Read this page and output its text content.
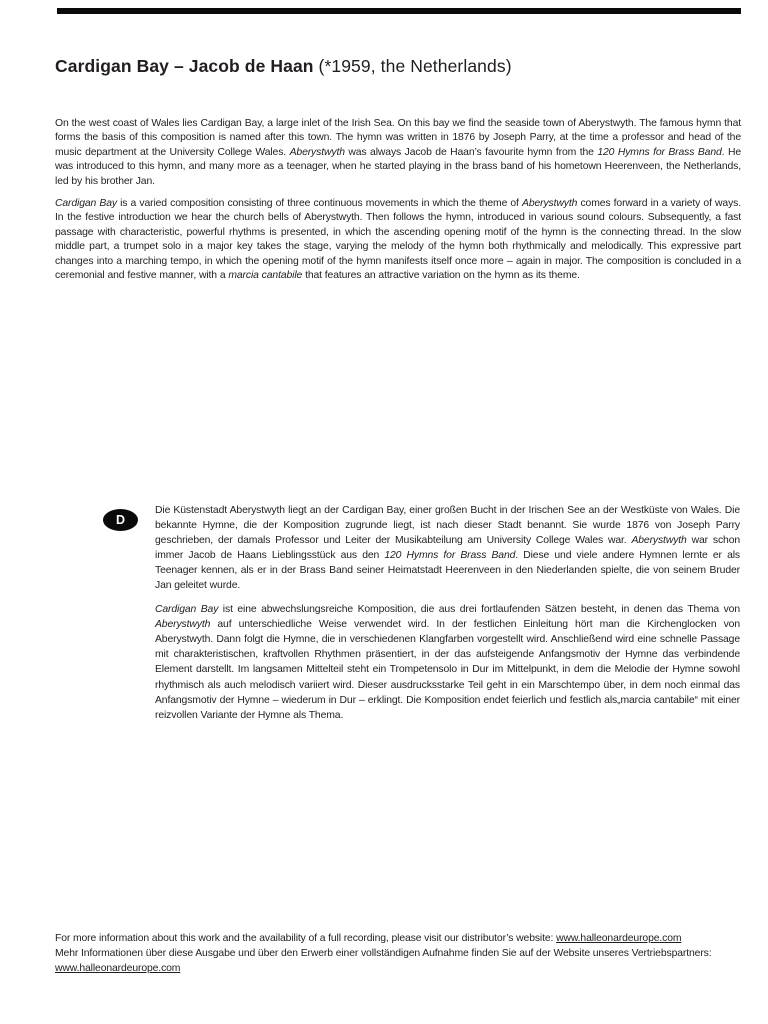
Cardigan Bay – Jacob de Haan (*1959, the Netherlands)

On the west coast of Wales lies Cardigan Bay, a large inlet of the Irish Sea. On this bay we find the seaside town of Aberystwyth. The famous hymn that forms the basis of this composition is named after this town. The hymn was written in 1876 by Joseph Parry, at the time a professor and head of the music department at the University College Wales. Aberystwyth was always Jacob de Haan’s favourite hymn from the 120 Hymns for Brass Band. He was introduced to this hymn, and many more as a teenager, when he started playing in the brass band of his hometown Heerenveen, the Netherlands, led by his brother Jan.

Cardigan Bay is a varied composition consisting of three continuous movements in which the theme of Aberystwyth comes forward in a variety of ways. In the festive introduction we hear the church bells of Aberystwyth. Then follows the hymn, introduced in various sound colours. Subsequently, a fast passage with characteristic, powerful rhythms is presented, in which the ascending opening motif of the hymn is the connecting thread. In the slow middle part, a trumpet solo in a major key takes the stage, varying the melody of the hymn both rhythmically and melodically. This expressive part changes into a marching tempo, in which the opening motif of the hymn manifests itself once more – again in major. The composition is concluded in a ceremonial and festive manner, with a marcia cantabile that features an attractive variation on the hymn as its theme.

D

Die Küstenstadt Aberystwyth liegt an der Cardigan Bay, einer großen Bucht in der Irischen See an der Westküste von Wales. Die bekannte Hymne, die der Komposition zugrunde liegt, ist nach dieser Stadt benannt. Sie wurde 1876 von Joseph Parry geschrieben, der damals Professor und Leiter der Musikabteilung am University College Wales war. Aberystwyth war schon immer Jacob de Haans Lieblingsstück aus den 120 Hymns for Brass Band. Diese und viele andere Hymnen lernte er als Teenager kennen, als er in der Brass Band seiner Heimatstadt Heerenveen in den Niederlanden spielte, die von seinem Bruder Jan geleitet wurde.

Cardigan Bay ist eine abwechslungsreiche Komposition, die aus drei fortlaufenden Sätzen besteht, in denen das Thema von Aberystwyth auf unterschiedliche Weise verwendet wird. In der festlichen Einleitung hört man die Kirchenglocken von Aberystwyth. Dann folgt die Hymne, die in verschiedenen Klangfarben vorgestellt wird. Anschließend wird eine schnelle Passage mit charakteristischen, kraftvollen Rhythmen präsentiert, in der das aufsteigende Anfangsmotiv der Hymne das verbindende Element darstellt. Im langsamen Mittelteil steht ein Trompetensolo in Dur im Mittelpunkt, in dem die Melodie der Hymne sowohl rhythmisch als auch melodisch variiert wird. Dieser ausdrucksstarke Teil geht in ein Marschtempo über, in dem noch einmal das Anfangsmotiv der Hymne – wiederum in Dur – erklingt. Die Komposition endet feierlich und festlich als„marcia cantabile“ mit einer reizvollen Variante der Hymne als Thema.

For more information about this work and the availability of a full recording, please visit our distributor’s website: www.halleonardeurope.com

Mehr Informationen über diese Ausgabe und über den Erwerb einer vollständigen Aufnahme finden Sie auf der Website unseres Vertriebspartners:

www.halleonardeurope.com
